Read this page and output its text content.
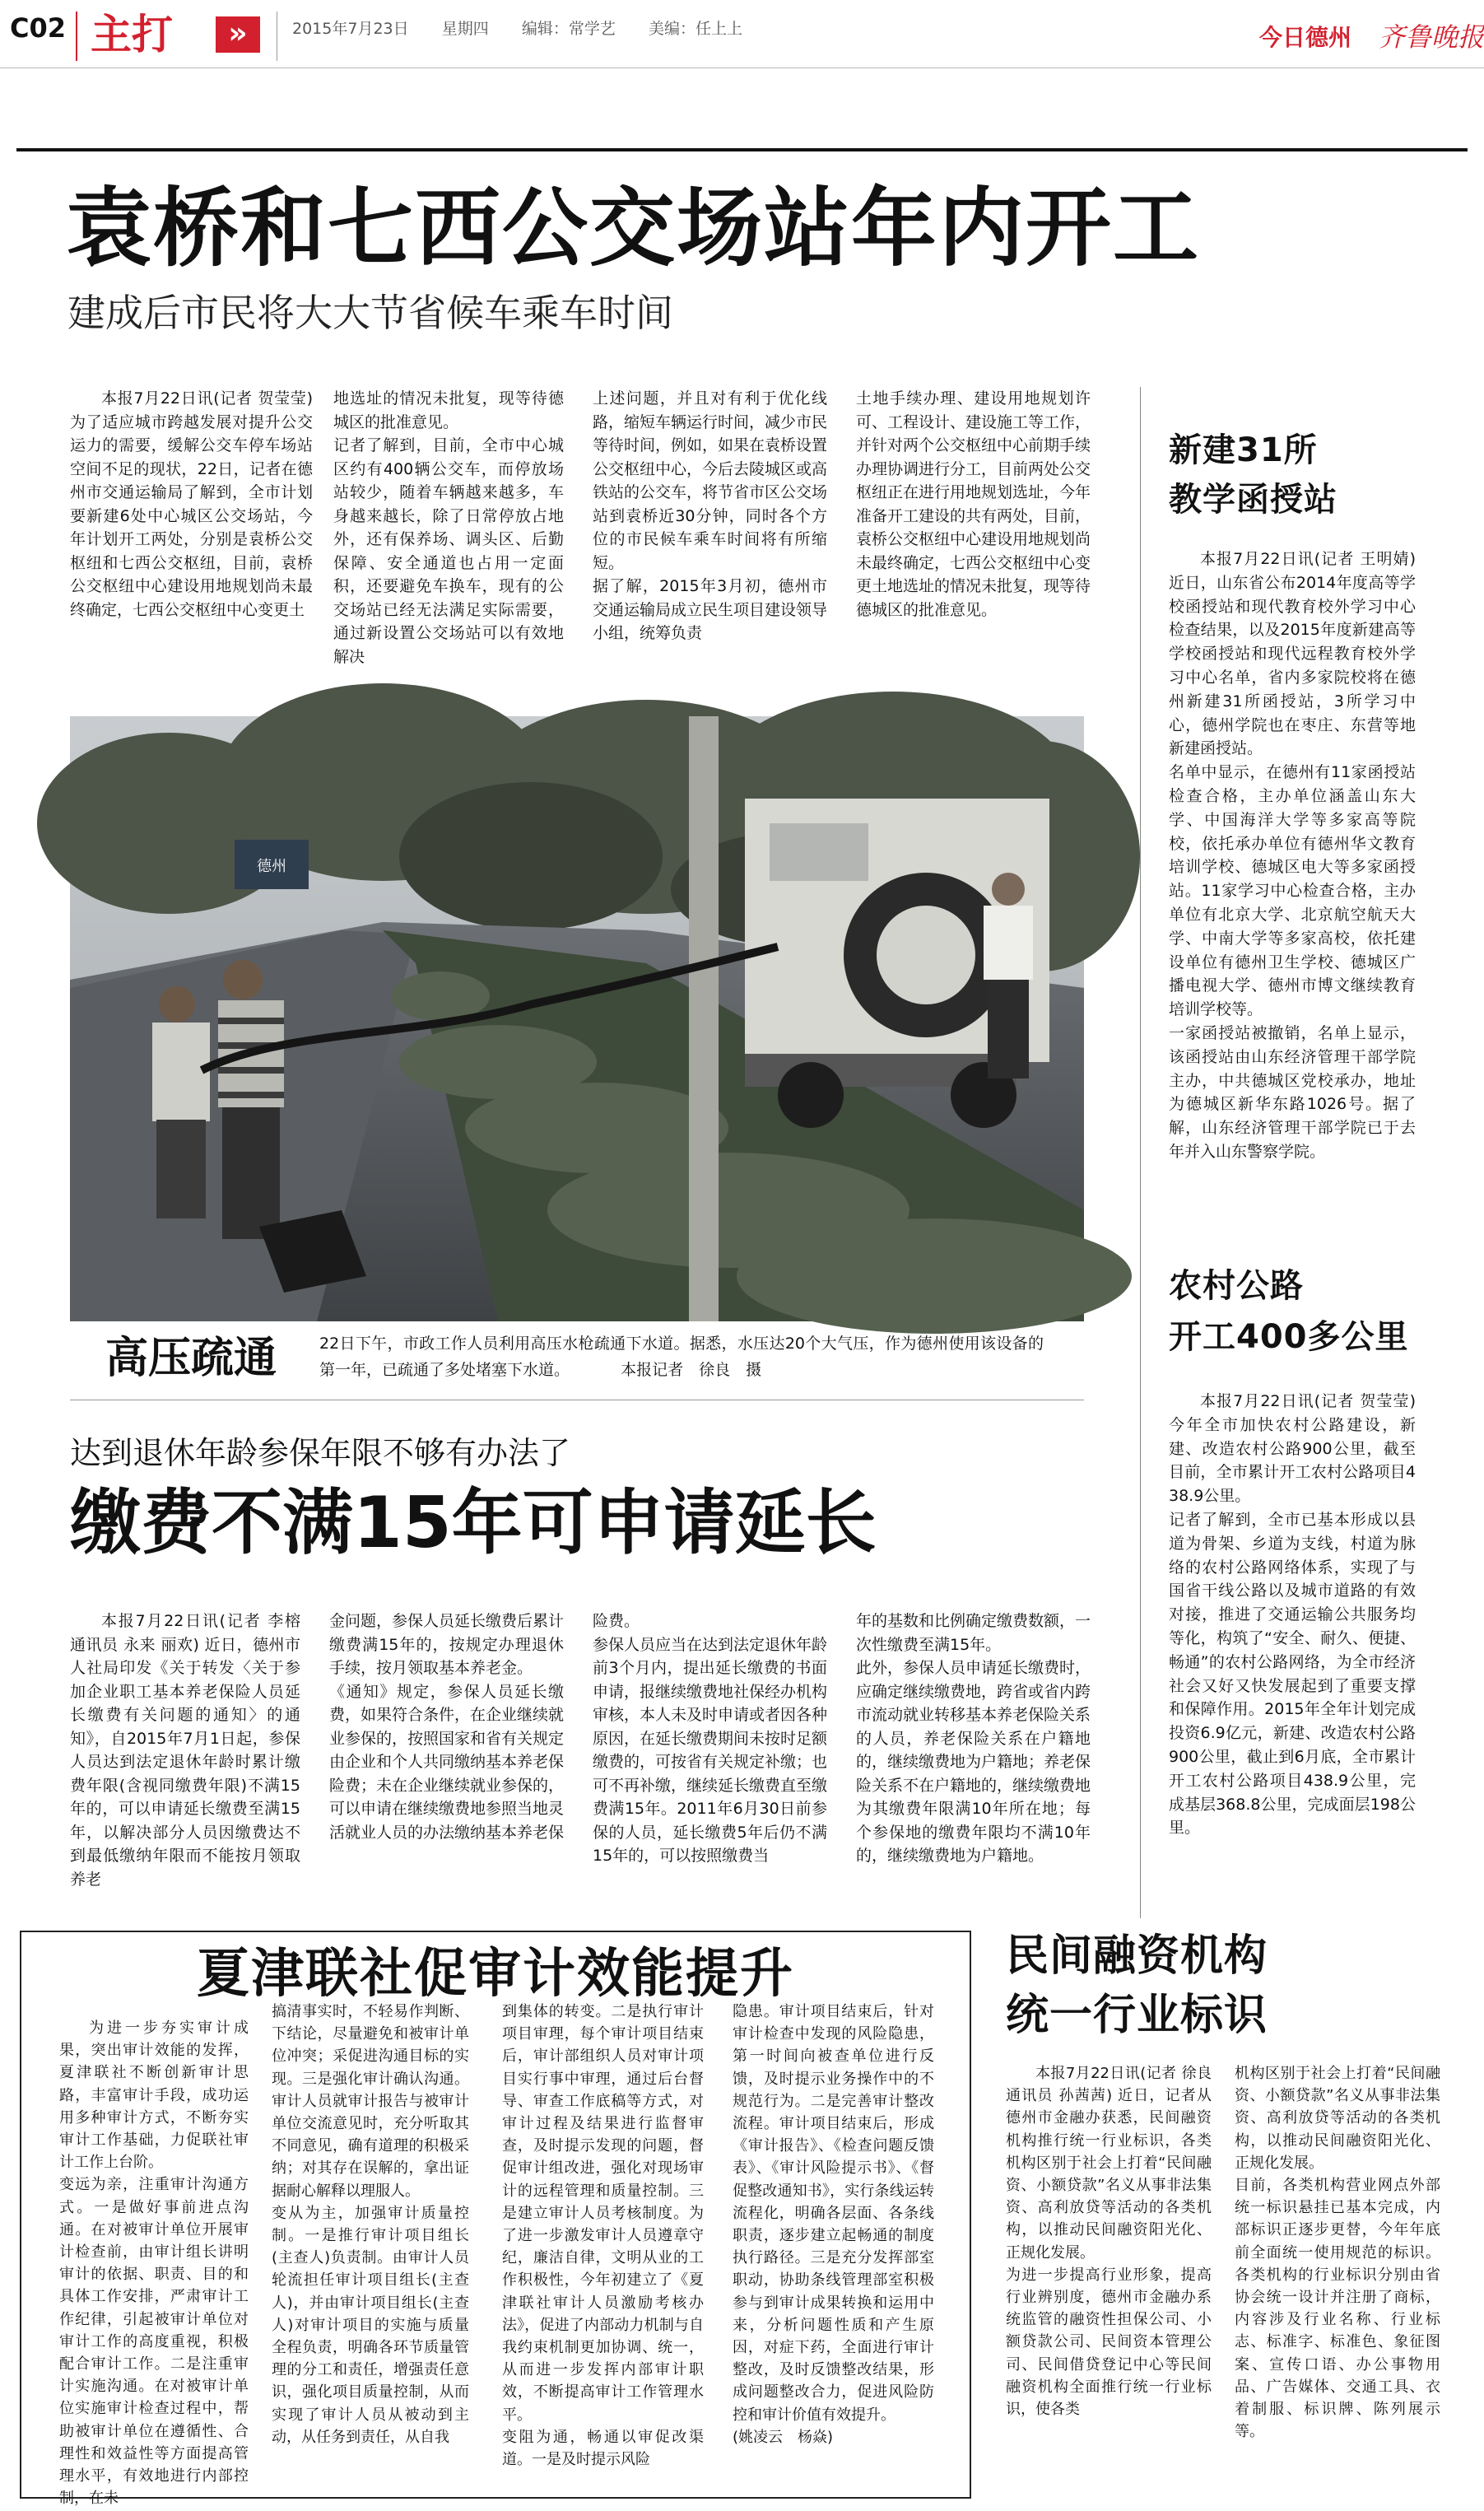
C02 主打	»	2015年7月23日 星期四 编辑：常学艺 美编：任上上	今日德州 齐鲁晚报
袁桥和七西公交场站年内开工
建成后市民将大大节省候车乘车时间

本报7月22日讯(记者 贺莹莹) 为了适应城市跨越发展对提升公交运力的需要，缓解公交车停车场站空间不足的现状，22日，记者在德州市交通运输局了解到，全市计划要新建6处中心城区公交场站，今年计划开工两处，分别是袁桥公交枢纽和七西公交枢纽，目前，袁桥公交枢纽中心建设用地规划尚未最终确定，七西公交枢纽中心变更土

地选址的情况未批复，现等待德城区的批准意见。
记者了解到，目前，全市中心城区约有400辆公交车，而停放场站较少，随着车辆越来越多，车身越来越长，除了日常停放占地外，还有保养场、调头区、后勤保障、安全通道也占用一定面积，还要避免车换车，现有的公交场站已经无法满足实际需要，通过新设置公交场站可以有效地解决

上述问题，并且对有利于优化线路，缩短车辆运行时间，减少市民等待时间，例如，如果在袁桥设置公交枢纽中心，今后去陵城区或高铁站的公交车，将节省市区公交场站到袁桥近30分钟，同时各个方位的市民候车乘车时间将有所缩短。
据了解，2015年3月初，德州市交通运输局成立民生项目建设领导小组，统筹负责

土地手续办理、建设用地规划许可、工程设计、建设施工等工作，并针对两个公交枢纽中心前期手续办理协调进行分工，目前两处公交枢纽正在进行用地规划选址，今年准备开工建设的共有两处，目前，袁桥公交枢纽中心建设用地规划尚未最终确定，七西公交枢纽中心变更土地选址的情况未批复，现等待德城区的批准意见。

德州
高压疏通	22日下午，市政工作人员利用高压水枪疏通下水道。据悉，水压达20个大气压，作为德州使用该设备的第一年，已疏通了多处堵塞下水道。	本报记者　徐良　摄
达到退休年龄参保年限不够有办法了
缴费不满15年可申请延长

本报7月22日讯(记者 李榕 通讯员 永来 丽欢) 近日，德州市人社局印发《关于转发〈关于参加企业职工基本养老保险人员延长缴费有关问题的通知〉的通知》，自2015年7月1日起，参保人员达到法定退休年龄时累计缴费年限(含视同缴费年限)不满15年的，可以申请延长缴费至满15年，以解决部分人员因缴费达不到最低缴纳年限而不能按月领取养老

金问题，参保人员延长缴费后累计缴费满15年的，按规定办理退休手续，按月领取基本养老金。
《通知》规定，参保人员延长缴费，如果符合条件，在企业继续就业参保的，按照国家和省有关规定由企业和个人共同缴纳基本养老保险费；未在企业继续就业参保的，可以申请在继续缴费地参照当地灵活就业人员的办法缴纳基本养老保

险费。
参保人员应当在达到法定退休年龄前3个月内，提出延长缴费的书面申请，报继续缴费地社保经办机构审核，本人未及时申请或者因各种原因，在延长缴费期间未按时足额缴费的，可按省有关规定补缴；也可不再补缴，继续延长缴费直至缴费满15年。2011年6月30日前参保的人员，延长缴费5年后仍不满15年的，可以按照缴费当

年的基数和比例确定缴费数额，一次性缴费至满15年。
此外，参保人员申请延长缴费时，应确定继续缴费地，跨省或省内跨市流动就业转移基本养老保险关系的人员，养老保险关系在户籍地的，继续缴费地为户籍地；养老保险关系不在户籍地的，继续缴费地为其缴费年限满10年所在地；每个参保地的缴费年限均不满10年的，继续缴费地为户籍地。

新建31所
教学函授站

本报7月22日讯(记者 王明婧) 近日，山东省公布2014年度高等学校函授站和现代教育校外学习中心检查结果，以及2015年度新建高等学校函授站和现代远程教育校外学习中心名单，省内多家院校将在德州新建31所函授站，3所学习中心，德州学院也在枣庄、东营等地新建函授站。
名单中显示，在德州有11家函授站检查合格，主办单位涵盖山东大学、中国海洋大学等多家高等院校，依托承办单位有德州华文教育培训学校、德城区电大等多家函授站。11家学习中心检查合格，主办单位有北京大学、北京航空航天大学、中南大学等多家高校，依托建设单位有德州卫生学校、德城区广播电视大学、德州市博文继续教育培训学校等。
一家函授站被撤销，名单上显示，该函授站由山东经济管理干部学院主办，中共德城区党校承办，地址为德城区新华东路1026号。据了解，山东经济管理干部学院已于去年并入山东警察学院。

农村公路
开工400多公里

本报7月22日讯(记者 贺莹莹) 今年全市加快农村公路建设，新建、改造农村公路900公里，截至目前，全市累计开工农村公路项目438.9公里。
记者了解到，全市已基本形成以县道为骨架、乡道为支线，村道为脉络的农村公路网络体系，实现了与国省干线公路以及城市道路的有效对接，推进了交通运输公共服务均等化，构筑了“安全、耐久、便捷、畅通”的农村公路网络，为全市经济社会又好又快发展起到了重要支撑和保障作用。2015年全年计划完成投资6.9亿元，新建、改造农村公路900公里，截止到6月底，全市累计开工农村公路项目438.9公里，完成基层368.8公里，完成面层198公里。

夏津联社促审计效能提升

为进一步夯实审计成果，突出审计效能的发挥，夏津联社不断创新审计思路，丰富审计手段，成功运用多种审计方式，不断夯实审计工作基础，力促联社审计工作上台阶。
变远为亲，注重审计沟通方式。一是做好事前进点沟通。在对被审计单位开展审计检查前，由审计组长讲明审计的依据、职责、目的和具体工作安排，严肃审计工作纪律，引起被审计单位对审计工作的高度重视，积极配合审计工作。二是注重审计实施沟通。在对被审计单位实施审计检查过程中，帮助被审计单位在遵循性、合理性和效益性等方面提高管理水平，有效地进行内部控制，在未

搞清事实时，不轻易作判断、下结论，尽量避免和被审计单位冲突；采促进沟通目标的实现。三是强化审计确认沟通。审计人员就审计报告与被审计单位交流意见时，充分听取其不同意见，确有道理的积极采纳；对其存在误解的，拿出证据耐心解释以理服人。
变从为主，加强审计质量控制。一是推行审计项目组长(主查人)负责制。由审计人员轮流担任审计项目组长(主查人)，并由审计项目组长(主查人)对审计项目的实施与质量全程负责，明确各环节质量管理的分工和责任，增强责任意识，强化项目质量控制，从而实现了审计人员从被动到主动，从任务到责任，从自我

到集体的转变。二是执行审计项目审理，每个审计项目结束后，审计部组织人员对审计项目实行事中审理，通过后台督导、审查工作底稿等方式，对审计过程及结果进行监督审查，及时提示发现的问题，督促审计组改进，强化对现场审计的远程管理和质量控制。三是建立审计人员考核制度。为了进一步激发审计人员遵章守纪，廉洁自律，文明从业的工作积极性，今年初建立了《夏津联社审计人员激励考核办法》，促进了内部动力机制与自我约束机制更加协调、统一，从而进一步发挥内部审计职效，不断提高审计工作管理水平。
变阻为通，畅通以审促改渠道。一是及时提示风险

隐患。审计项目结束后，针对审计检查中发现的风险隐患，第一时间向被查单位进行反馈，及时提示业务操作中的不规范行为。二是完善审计整改流程。审计项目结束后，形成《审计报告》、《检查问题反馈表》、《审计风险提示书》、《督促整改通知书》，实行条线运转流程化，明确各层面、各条线职责，逐步建立起畅通的制度执行路径。三是充分发挥部室职动，协助条线管理部室积极参与到审计成果转换和运用中来，分析问题性质和产生原因，对症下药，全面进行审计整改，及时反馈整改结果，形成问题整改合力，促进风险防控和审计价值有效提升。
(姚凌云　杨焱)

民间融资机构
统一行业标识

本报7月22日讯(记者 徐良 通讯员 孙茜茜) 近日，记者从德州市金融办获悉，民间融资机构推行统一行业标识，各类机构区别于社会上打着“民间融资、小额贷款”名义从事非法集资、高利放贷等活动的各类机构，以推动民间融资阳光化、正规化发展。
为进一步提高行业形象，提高行业辨别度，德州市金融办系统监管的融资性担保公司、小额贷款公司、民间资本管理公司、民间借贷登记中心等民间融资机构全面推行统一行业标识，使各类

机构区别于社会上打着“民间融资、小额贷款”名义从事非法集资、高利放贷等活动的各类机构，以推动民间融资阳光化、正规化发展。
目前，各类机构营业网点外部统一标识悬挂已基本完成，内部标识正逐步更替，今年年底前全面统一使用规范的标识。各类机构的行业标识分别由省协会统一设计并注册了商标，内容涉及行业名称、行业标志、标准字、标准色、象征图案、宣传口语、办公事物用品、广告媒体、交通工具、衣着制服、标识牌、陈列展示等。
